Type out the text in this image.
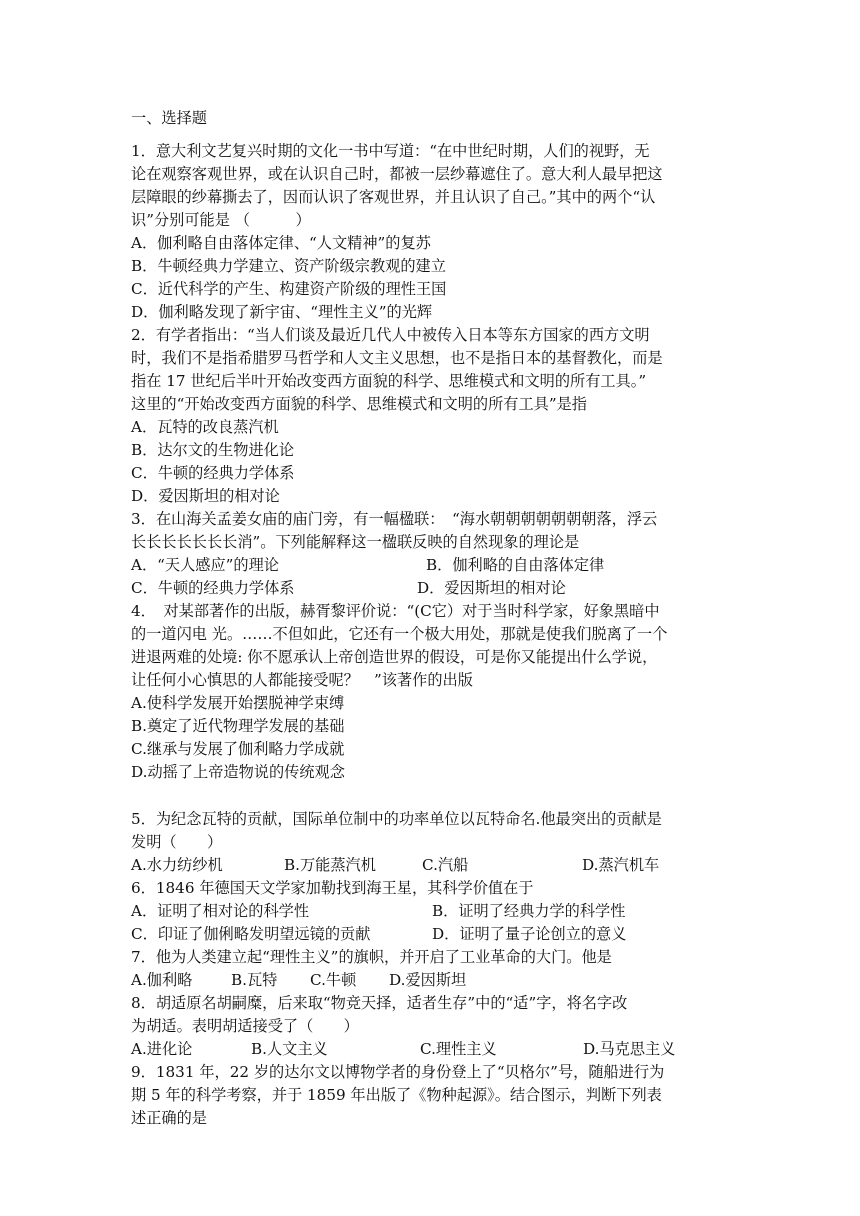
一、选择题
1．意大利文艺复兴时期的文化一书中写道：“在中世纪时期，人们的视野，无
论在观察客观世界，或在认识自己时，都被一层纱幕遮住了。意大利人最早把这
层障眼的纱幕撕去了，因而认识了客观世界，并且认识了自己。”其中的两个“认
识”分别可能是 （　　　）
A．伽利略自由落体定律、“人文精神”的复苏
B．牛顿经典力学建立、资产阶级宗教观的建立
C．近代科学的产生、构建资产阶级的理性王国
D．伽利略发现了新宇宙、“理性主义”的光辉
2．有学者指出：“当人们谈及最近几代人中被传入日本等东方国家的西方文明
时，我们不是指希腊罗马哲学和人文主义思想，也不是指日本的基督教化，而是
指在 17 世纪后半叶开始改变西方面貌的科学、思维模式和文明的所有工具。”
这里的“开始改变西方面貌的科学、思维模式和文明的所有工具”是指
A．瓦特的改良蒸汽机
B．达尔文的生物进化论
C．牛顿的经典力学体系
D．爱因斯坦的相对论
3．在山海关孟姜女庙的庙门旁，有一幅楹联：　“海水朝朝朝朝朝朝朝落，浮云
长长长长长长长消”。下列能解释这一楹联反映的自然现象的理论是
A．“天人感应”的理论	B．伽利略的自由落体定律
C．牛顿的经典力学体系	D．爱因斯坦的相对论
4．　对某部著作的出版，赫胥黎评价说：“(C它）对于当时科学家，好象黑暗中
的一道闪电 光。……不但如此，它还有一个极大用处，那就是使我们脱离了一个
进退两难的处境: 你不愿承认上帝创造世界的假设，可是你又能提出什么学说，
让任何小心慎思的人都能接受呢？　”该著作的出版
A.使科学发展开始摆脱神学束缚
B.奠定了近代物理学发展的基础
C.继承与发展了伽利略力学成就
D.动摇了上帝造物说的传统观念
5．为纪念瓦特的贡献，国际单位制中的功率单位以瓦特命名.他最突出的贡献是
发明（　　）
A.水力纺纱机	B.万能蒸汽机	C.汽船	D.蒸汽机车
6．1846 年德国天文学家加勒找到海王星，其科学价值在于
A．证明了相对论的科学性	B．证明了经典力学的科学性
C．印证了伽俐略发明望远镜的贡献	D．证明了量子论创立的意义
7．他为人类建立起“理性主义”的旗帜，并开启了工业革命的大门。他是
A.伽利略	B.瓦特 C.牛顿 D.爱因斯坦
8．胡适原名胡嗣糜，后来取“物竞天择，适者生存”中的“适”字，将名字改
为胡适。表明胡适接受了（　　）
A.进化论	B.人文主义	C.理性主义	D.马克思主义
9．1831 年，22 岁的达尔文以博物学者的身份登上了“贝格尔”号，随船进行为
期 5 年的科学考察，并于 1859 年出版了《物种起源》。结合图示，判断下列表
述正确的是
